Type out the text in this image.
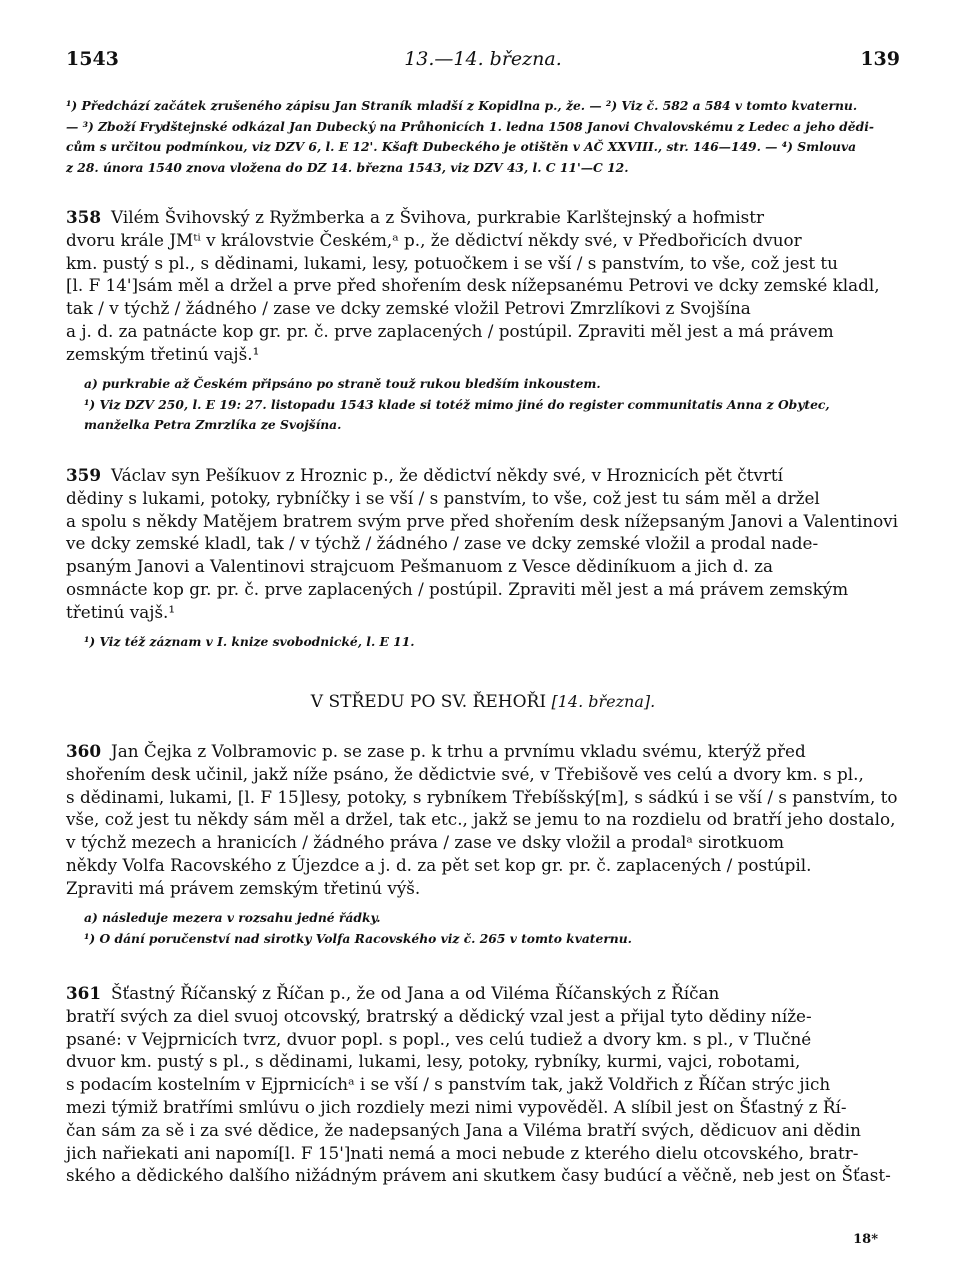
1543	13.—14. března.	139
¹) Předchází začátek zrušeného zápisu Jan Straník mladší z Kopidlna p., že. — ²) Viz č. 582 a 584 v tomto kvaternu.
— ³) Zboží Frydštejnské odkázal Jan Dubecký na Průhonicích 1. ledna 1508 Janovi Chvalovskému z Ledec a jeho dědi-
cům s určitou podmínkou, viz DZV 6, l. E 12'. Kšaft Dubeckého je otištěn v AČ XXVIII., str. 146—149. — ⁴) Smlouva
z 28. února 1540 znova vložena do DZ 14. března 1543, viz DZV 43, l. C 11'—C 12.
358 Vilém Švihovský z Ryžmberka a z Švihova, purkrabie Karlštejnský a hofmistr
dvoru krále JMᵗⁱ v královstvie Českém,ᵃ p., že dědictví někdy své, v Předbořicích dvuor
km. pustý s pl., s dědinami, lukami, lesy, potuočkem i se vší / s panstvím, to vše, což jest tu
[l. F 14']sám měl a držel a prve před shořením desk nížepsanému Petrovi ve dcky zemské kladl,
tak / v týchž / žádného / zase ve dcky zemské vložil Petrovi Zmrzlíkovi z Svojšína
a j. d. za patnácte kop gr. pr. č. prve zaplacených / postúpil. Zpraviti měl jest a má právem
zemským třetinú vajš.¹
a) purkrabie až Českém připsáno po straně touž rukou bledším inkoustem.
¹) Viz DZV 250, l. E 19: 27. listopadu 1543 klade si totéž mimo jiné do register communitatis Anna z Obytec,
manželka Petra Zmrzlíka ze Svojšína.
359 Václav syn Pešíkuov z Hroznic p., že dědictví někdy své, v Hroznicích pět čtvrtí
dědiny s lukami, potoky, rybníčky i se vší / s panstvím, to vše, což jest tu sám měl a držel
a spolu s někdy Matějem bratrem svým prve před shořením desk nížepsaným Janovi a Valentinovi
ve dcky zemské kladl, tak / v týchž / žádného / zase ve dcky zemské vložil a prodal nade-
psaným Janovi a Valentinovi strajcuom Pešmanuom z Vesce dědiníkuom a jich d. za
osmnácte kop gr. pr. č. prve zaplacených / postúpil. Zpraviti měl jest a má právem zemským
třetinú vajš.¹
¹) Viz též záznam v I. knize svobodnické, l. E 11.
V STŘEDU PO SV. ŘEHOŘI [14. března].
360 Jan Čejka z Volbramovic p. se zase p. k trhu a prvnímu vkladu svému, kterýž před
shořením desk učinil, jakž níže psáno, že dědictvie své, v Třebišově ves celú a dvory km. s pl.,
s dědinami, lukami, [l. F 15]lesy, potoky, s rybníkem Třebíšský[m], s sádkú i se vší / s panstvím, to
vše, což jest tu někdy sám měl a držel, tak etc., jakž se jemu to na rozdielu od bratří jeho dostalo,
v týchž mezech a hranicích / žádného práva / zase ve dsky vložil a prodalᵃ sirotkuom
někdy Volfa Racovského z Újezdce a j. d. za pět set kop gr. pr. č. zaplacených / postúpil.
Zpraviti má právem zemským třetinú výš.
a) následuje mezera v rozsahu jedné řádky.
¹) O dání poručenství nad sirotky Volfa Racovského viz č. 265 v tomto kvaternu.
361 Šťastný Říčanský z Říčan p., že od Jana a od Viléma Říčanských z Říčan
bratří svých za diel svuoj otcovský, bratrský a dědický vzal jest a přijal tyto dědiny níže-
psané: v Vejprnicích tvrz, dvuor popl. s popl., ves celú tudiež a dvory km. s pl., v Tlučné
dvuor km. pustý s pl., s dědinami, lukami, lesy, potoky, rybníky, kurmi, vajci, robotami,
s podacím kostelním v Ejprnicíchᵃ i se vší / s panstvím tak, jakž Voldřich z Říčan strýc jich
mezi týmiž bratřími smlúvu o jich rozdiely mezi nimi vypověděl. A slíbil jest on Šťastný z Ří-
čan sám za sě i za své dědice, že nadepsaných Jana a Viléma bratří svých, dědicuov ani dědin
jich nařiekati ani napomí[l. F 15']nati nemá a moci nebude z kterého dielu otcovského, bratr-
ského a dědického dalšího nižádným právem ani skutkem časy budúcí a věčně, neb jest on Šťast-
18*
